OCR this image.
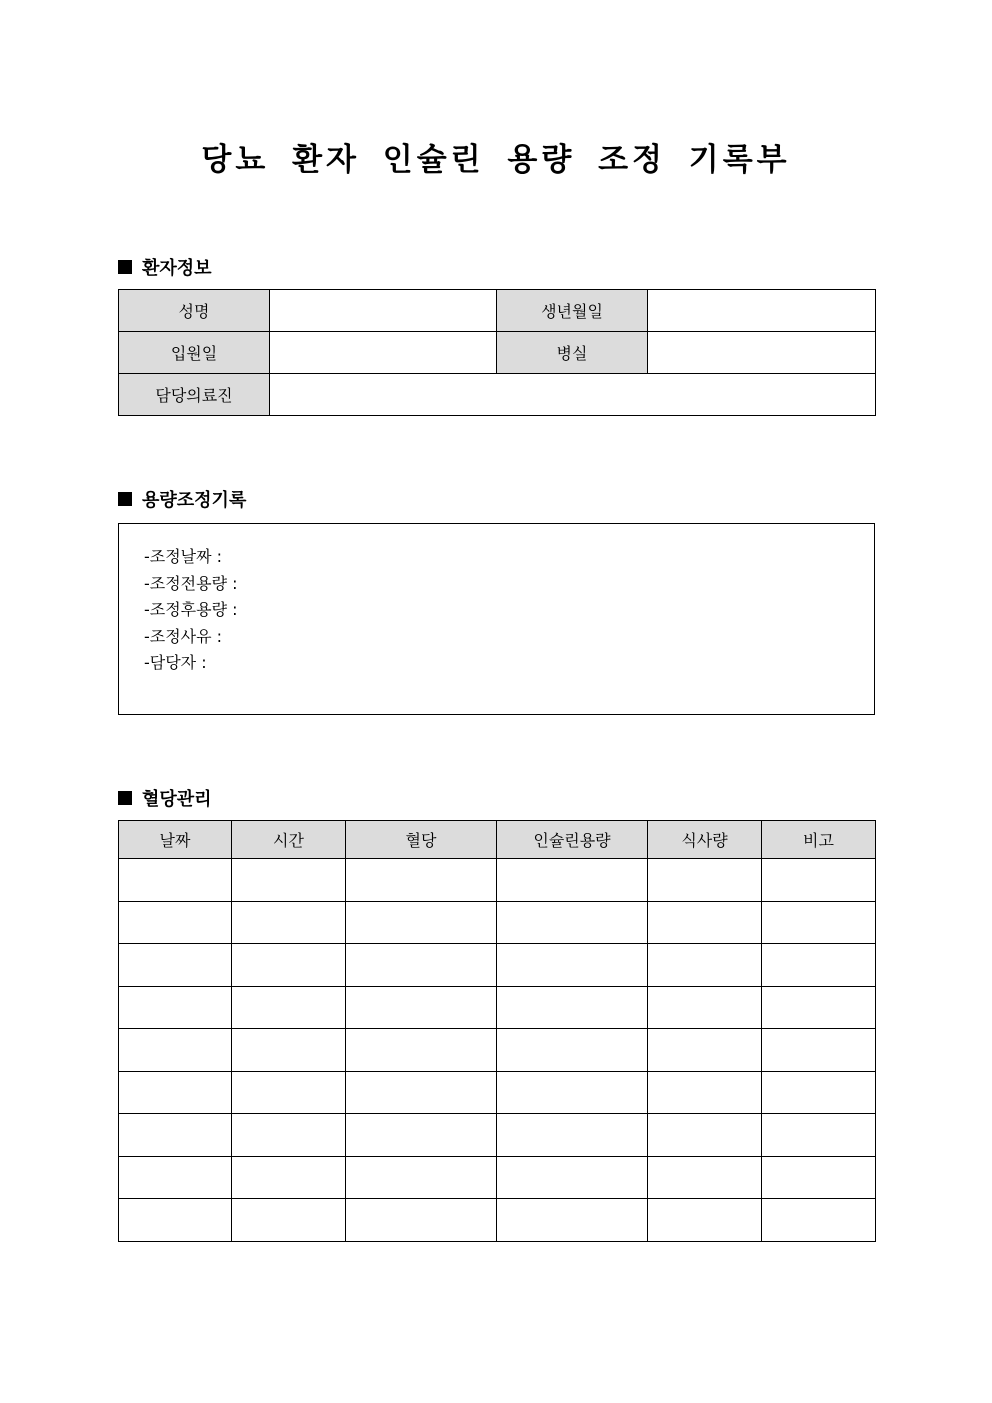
당뇨 환자 인슐린 용량 조정 기록부
환자정보
성명		생년월일	
입원일		병실	
담당의료진			
용량조정기록
-조정날짜 :
-조정전용량 :
-조정후용량 :
-조정사유 :
-담당자 :
혈당관리
날짜	시간	혈당	인슐린용량	식사량	비고
